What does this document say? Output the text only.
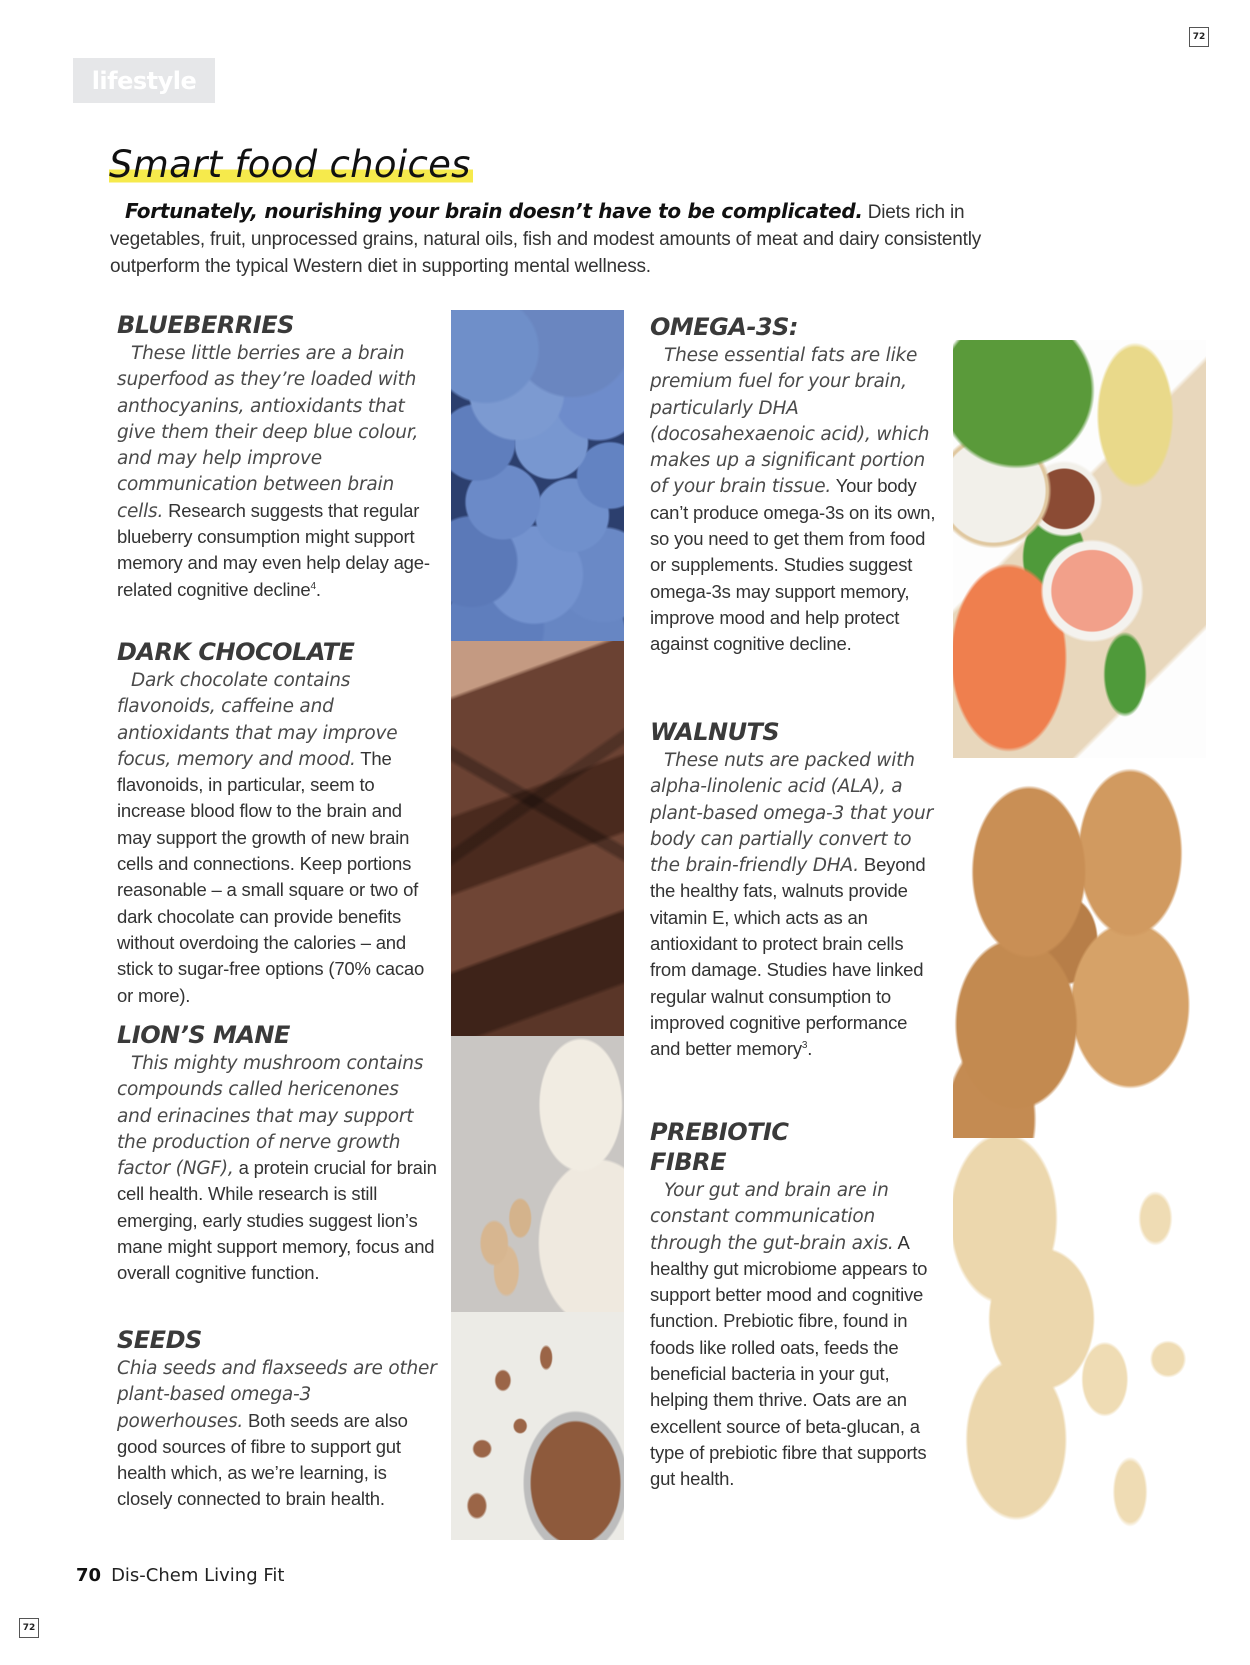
72
lifestyle
Smart food choices

Fortunately, nourishing your brain doesn’t have to be complicated. Diets rich in vegetables, fruit, unprocessed grains, natural oils, fish and modest amounts of meat and dairy consistently outperform the typical Western diet in supporting mental wellness.

BLUEBERRIES

These little berries are a brain superfood as they’re loaded with anthocyanins, antioxidants that give them their deep blue colour, and may help improve communication between brain cells. Research suggests that regular blueberry consumption might support memory and may even help delay age-related cognitive decline$^4$.

DARK CHOCOLATE

Dark chocolate contains flavonoids, caffeine and antioxidants that may improve focus, memory and mood. The flavonoids, in particular, seem to increase blood flow to the brain and may support the growth of new brain cells and connections. Keep portions reasonable – a small square or two of dark chocolate can provide benefits without overdoing the calories – and stick to sugar-free options (70% cacao or more).

LION’S MANE

This mighty mushroom contains compounds called hericenones and erinacines that may support the production of nerve growth factor (NGF), a protein crucial for brain cell health. While research is still emerging, early studies suggest lion’s mane might support memory, focus and overall cognitive function.

SEEDS

Chia seeds and flaxseeds are other plant-based omega-3 powerhouses. Both seeds are also good sources of fibre to support gut health which, as we’re learning, is closely connected to brain health.

OMEGA-3S:

These essential fats are like premium fuel for your brain, particularly DHA (docosahexaenoic acid), which makes up a significant portion of your brain tissue. Your body can’t produce omega-3s on its own, so you need to get them from food or supplements. Studies suggest omega-3s may support memory, improve mood and help protect against cognitive decline.

WALNUTS

These nuts are packed with alpha-linolenic acid (ALA), a plant-based omega-3 that your body can partially convert to the brain-friendly DHA. Beyond the healthy fats, walnuts provide vitamin E, which acts as an antioxidant to protect brain cells from damage. Studies have linked regular walnut consumption to improved cognitive performance and better memory$^3$.

PREBIOTIC FIBRE

Your gut and brain are in constant communication through the gut-brain axis. A healthy gut microbiome appears to support better mood and cognitive function. Prebiotic fibre, found in foods like rolled oats, feeds the beneficial bacteria in your gut, helping them thrive. Oats are an excellent source of beta-glucan, a type of prebiotic fibre that supports gut health.

70 Dis-Chem Living Fit
72
